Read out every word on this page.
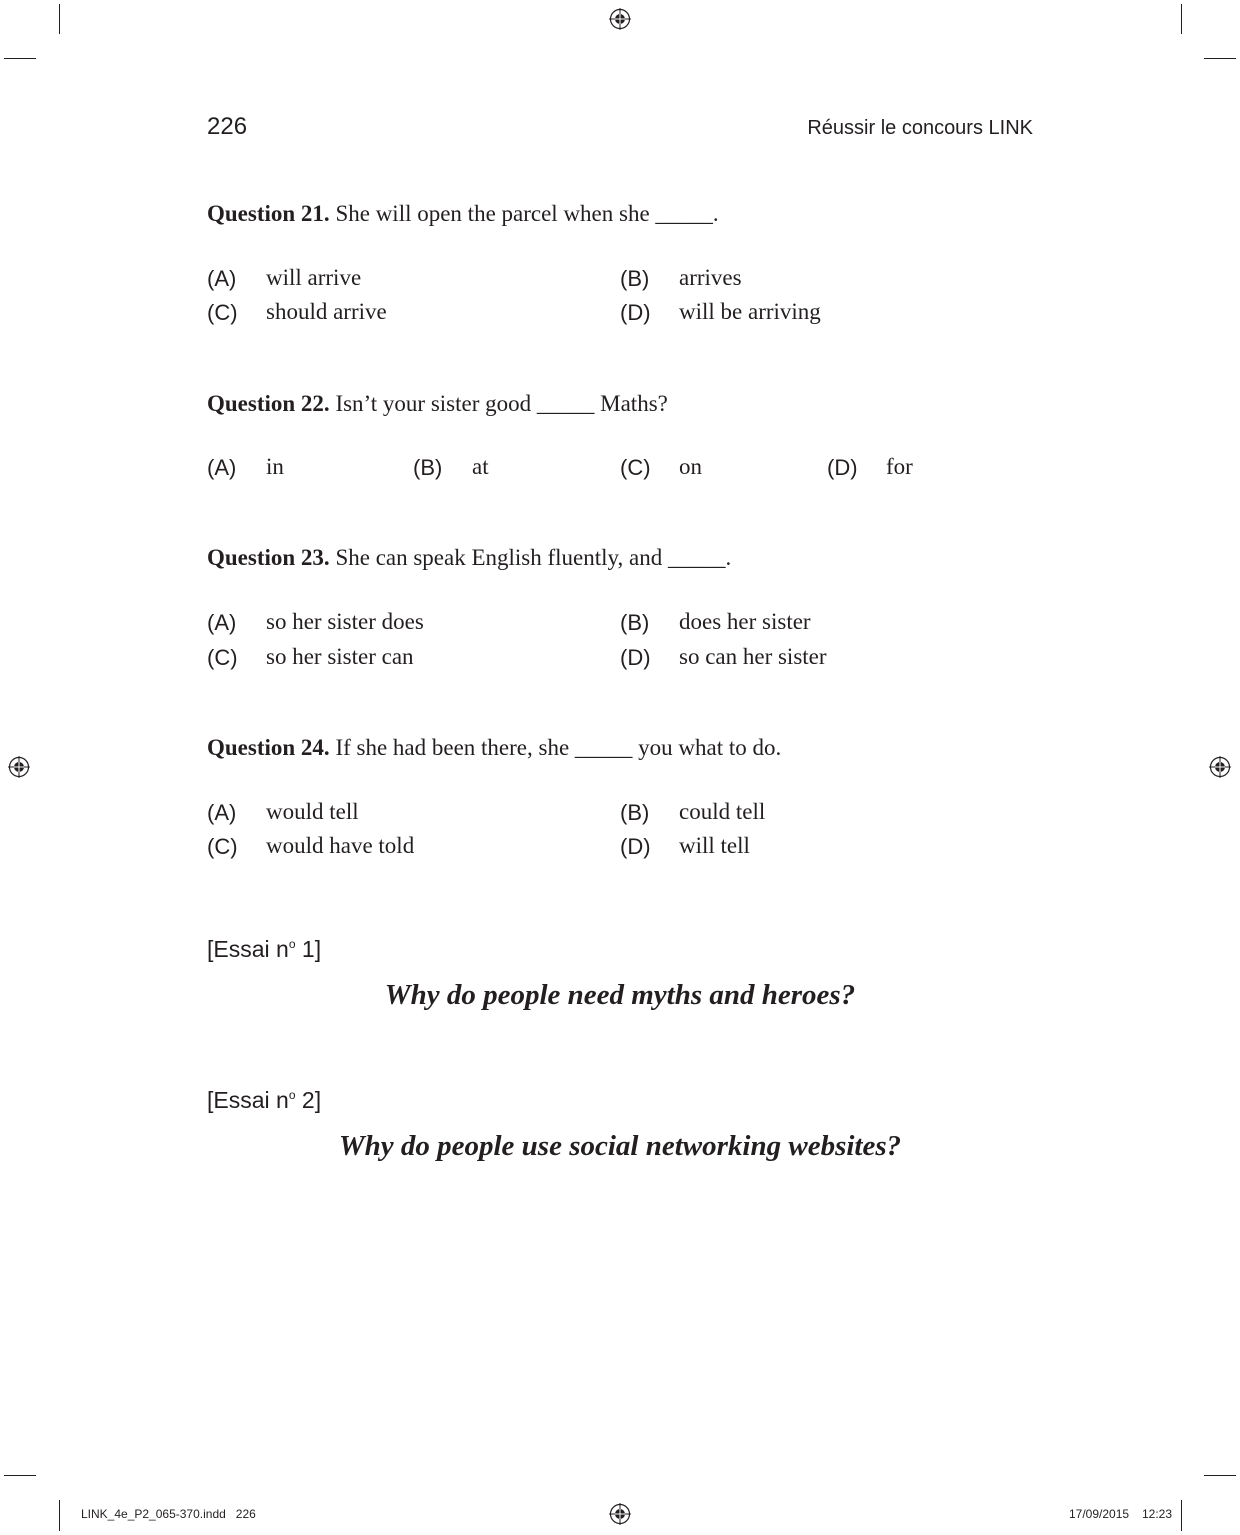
226	Réussir le concours LINK
Question 21. She will open the parcel when she _____.
(A) will arrive	(B) arrives
(C) should arrive	(D) will be arriving
Question 22. Isn’t your sister good _____ Maths?
(A) in	(B) at	(C) on	(D) for
Question 23. She can speak English fluently, and _____.
(A) so her sister does	(B) does her sister
(C) so her sister can	(D) so can her sister
Question 24. If she had been there, she _____ you what to do.
(A) would tell	(B) could tell
(C) would have told	(D) will tell
[Essai $n^o$ 1]
Why do people need myths and heroes?
[Essai $n^o$ 2]
Why do people use social networking websites?
LINK_4e_P2_065-370.indd   226	17/09/2015 12:23
